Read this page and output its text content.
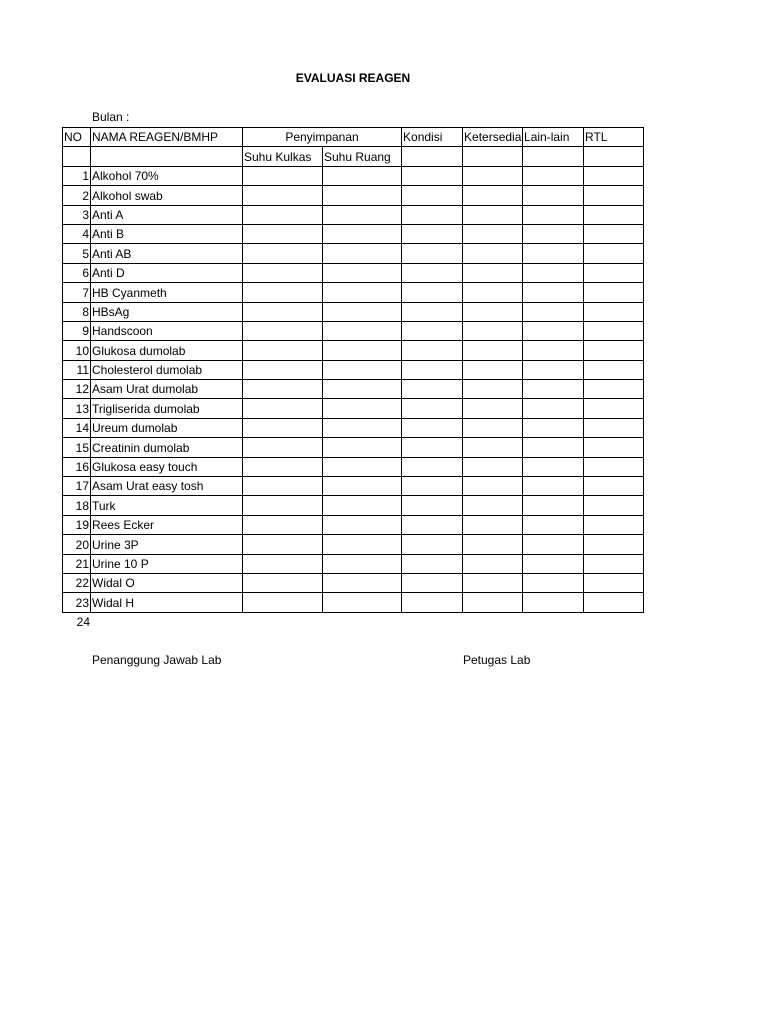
EVALUASI REAGEN
Bulan :
NO	NAMA REAGEN/BMHP	Penyimpanan		Kondisi	Ketersedia	Lain-lain	RTL
		Suhu Kulkas	Suhu Ruang				
1	Alkohol 70%						
2	Alkohol swab						
3	Anti A						
4	Anti B						
5	Anti AB						
6	Anti D						
7	HB Cyanmeth						
8	HBsAg						
9	Handscoon						
10	Glukosa dumolab						
11	Cholesterol dumolab						
12	Asam Urat dumolab						
13	Trigliserida dumolab						
14	Ureum dumolab						
15	Creatinin dumolab						
16	Glukosa easy touch						
17	Asam Urat easy tosh						
18	Turk						
19	Rees Ecker						
20	Urine 3P						
21	Urine 10 P						
22	Widal O						
23	Widal H						
24
Penanggung Jawab Lab	Petugas Lab
